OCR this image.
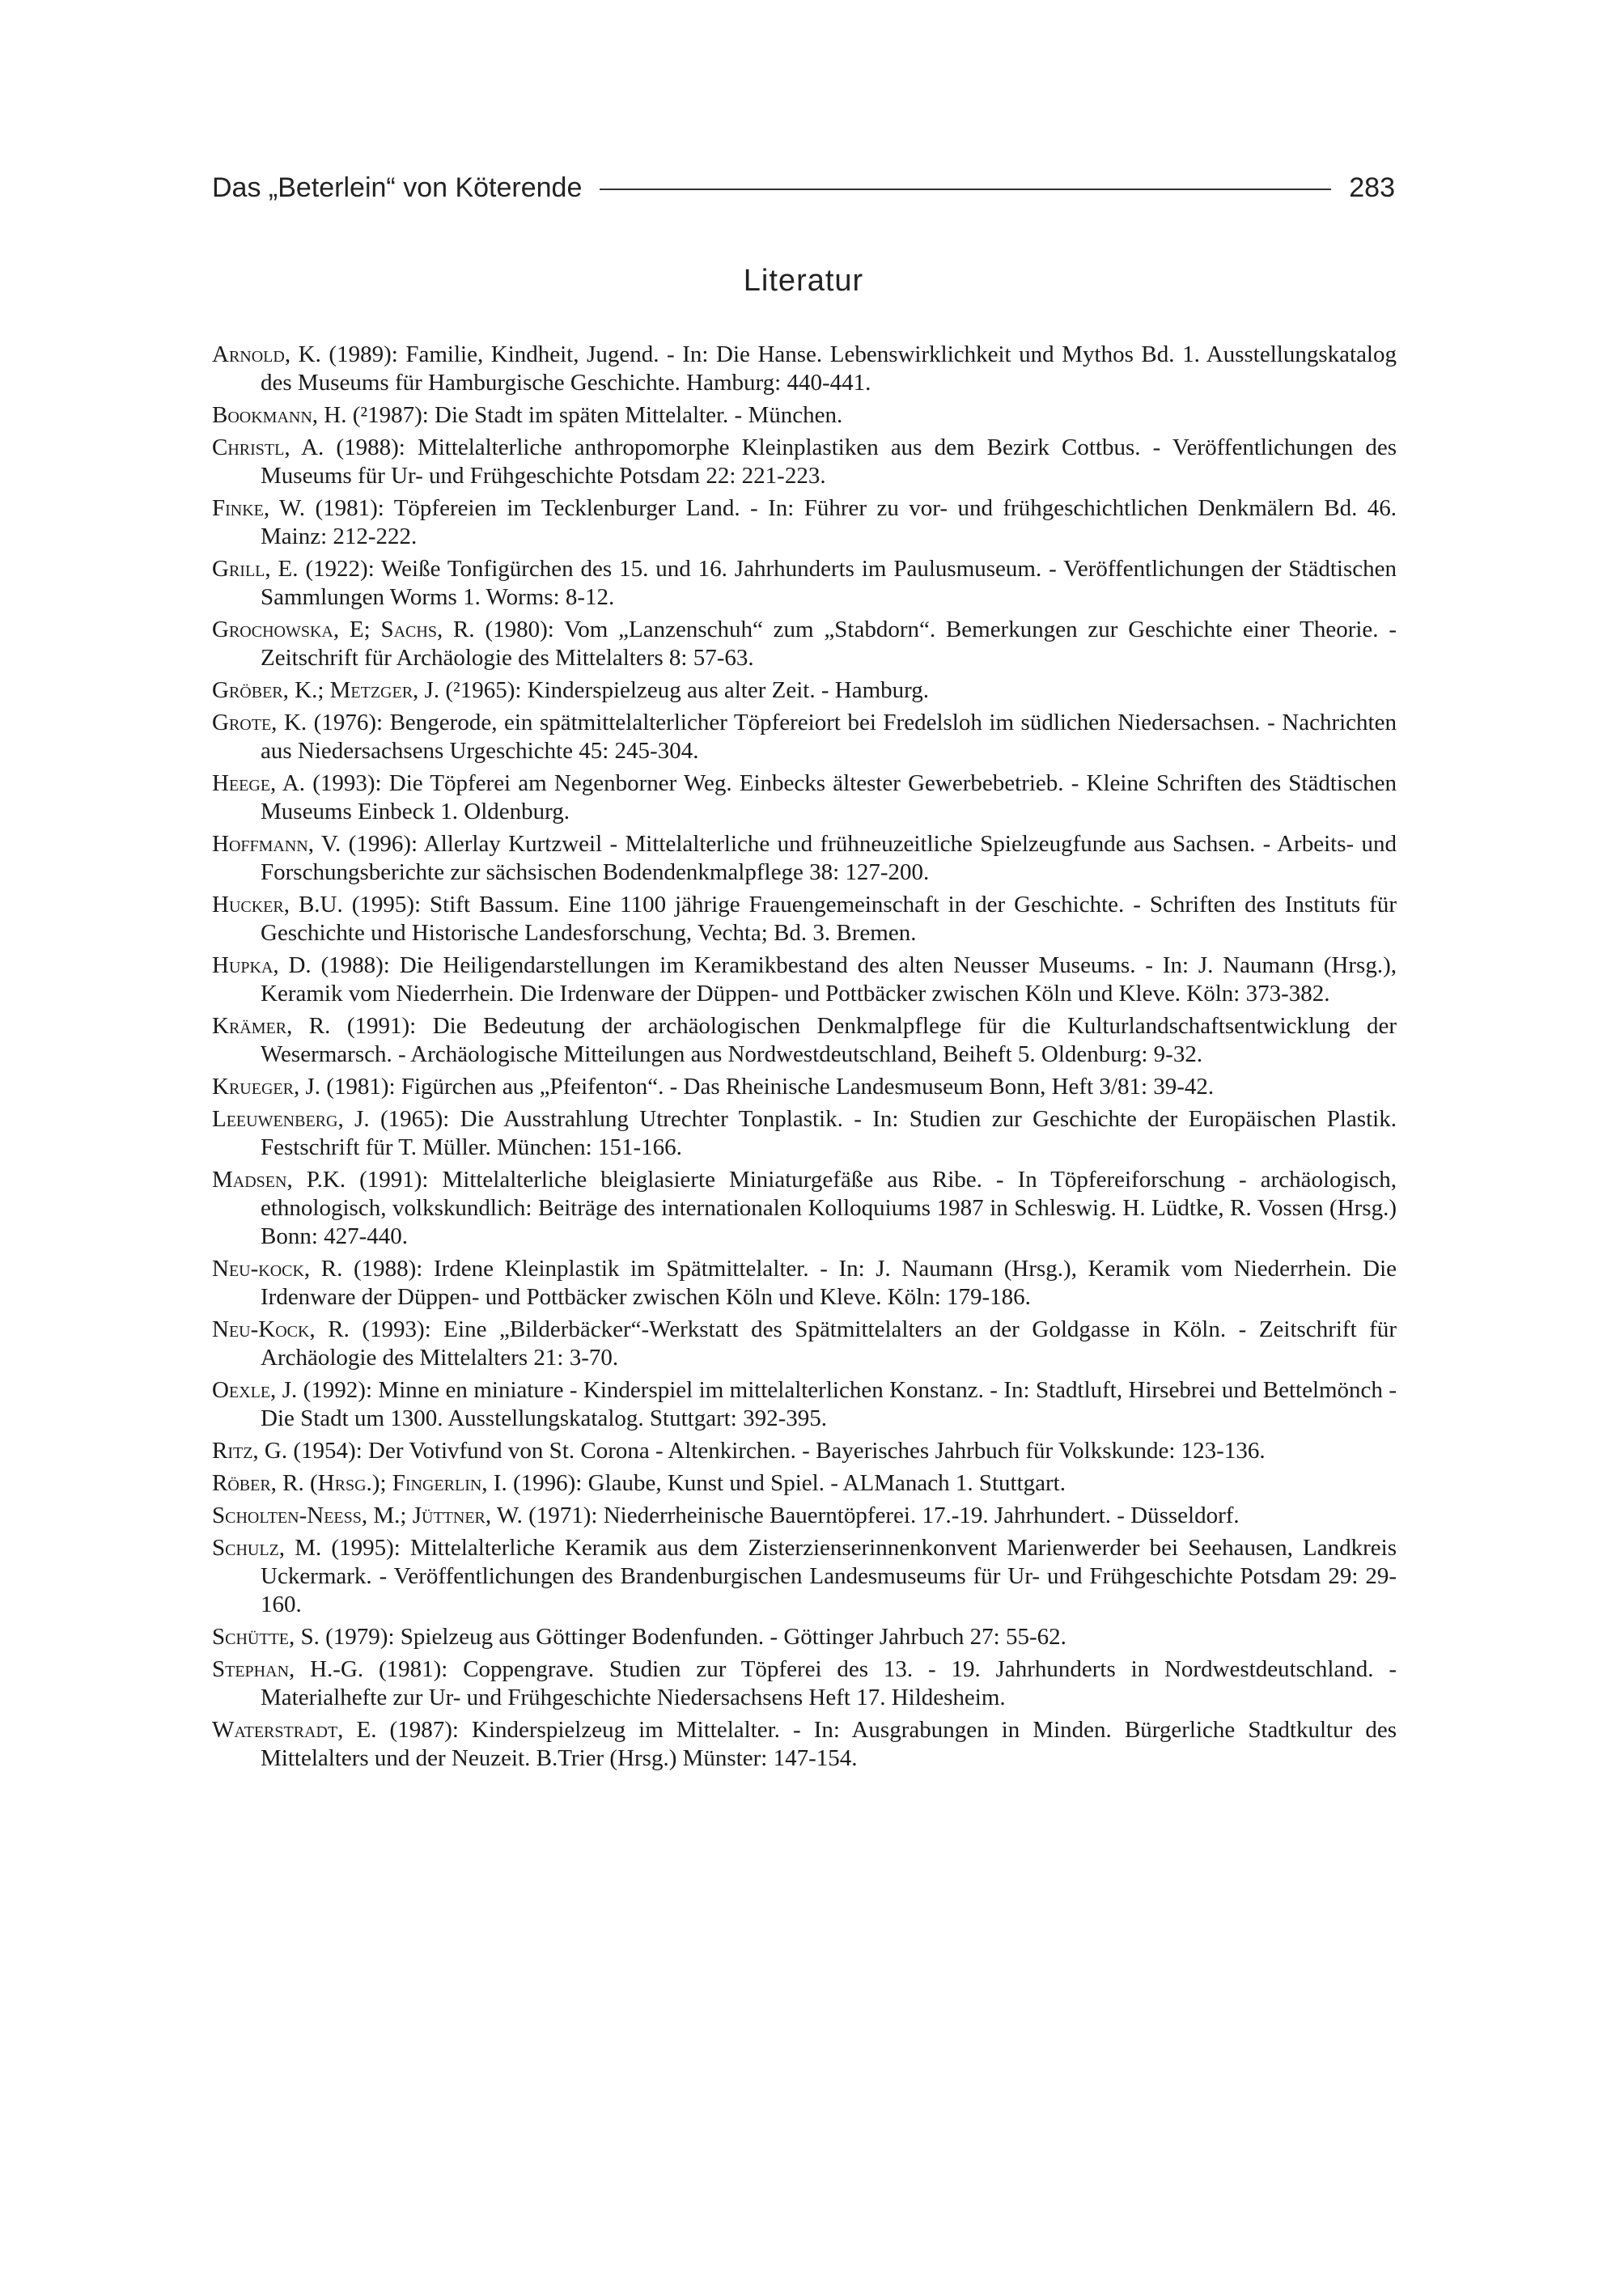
Das „Beterlein“ von Köterende	283
Literatur
Arnold, K. (1989): Familie, Kindheit, Jugend. - In: Die Hanse. Lebenswirklichkeit und Mythos Bd. 1. Ausstellungskatalog des Museums für Hamburgische Geschichte. Hamburg: 440-441.
Bookmann, H. (²1987): Die Stadt im späten Mittelalter. - München.
Christl, A. (1988): Mittelalterliche anthropomorphe Kleinplastiken aus dem Bezirk Cottbus. - Veröffentlichungen des Museums für Ur- und Frühgeschichte Potsdam 22: 221-223.
Finke, W. (1981): Töpfereien im Tecklenburger Land. - In: Führer zu vor- und frühgeschichtlichen Denkmälern Bd. 46. Mainz: 212-222.
Grill, E. (1922): Weiße Tonfigürchen des 15. und 16. Jahrhunderts im Paulusmuseum. - Veröffentlichungen der Städtischen Sammlungen Worms 1. Worms: 8-12.
Grochowska, E; Sachs, R. (1980): Vom „Lanzenschuh“ zum „Stabdorn“. Bemerkungen zur Geschichte einer Theorie. - Zeitschrift für Archäologie des Mittelalters 8: 57-63.
Gröber, K.; Metzger, J. (²1965): Kinderspielzeug aus alter Zeit. - Hamburg.
Grote, K. (1976): Bengerode, ein spätmittelalterlicher Töpfereiort bei Fredelsloh im südlichen Niedersachsen. - Nachrichten aus Niedersachsens Urgeschichte 45: 245-304.
Heege, A. (1993): Die Töpferei am Negenborner Weg. Einbecks ältester Gewerbebetrieb. - Kleine Schriften des Städtischen Museums Einbeck 1. Oldenburg.
Hoffmann, V. (1996): Allerlay Kurtzweil - Mittelalterliche und frühneuzeitliche Spielzeugfunde aus Sachsen. - Arbeits- und Forschungsberichte zur sächsischen Bodendenkmalpflege 38: 127-200.
Hucker, B.U. (1995): Stift Bassum. Eine 1100 jährige Frauengemeinschaft in der Geschichte. - Schriften des Instituts für Geschichte und Historische Landesforschung, Vechta; Bd. 3. Bremen.
Hupka, D. (1988): Die Heiligendarstellungen im Keramikbestand des alten Neusser Museums. - In: J. Naumann (Hrsg.), Keramik vom Niederrhein. Die Irdenware der Düppen- und Pottbäcker zwischen Köln und Kleve. Köln: 373-382.
Krämer, R. (1991): Die Bedeutung der archäologischen Denkmalpflege für die Kulturlandschaftsentwicklung der Wesermarsch. - Archäologische Mitteilungen aus Nordwestdeutschland, Beiheft 5. Oldenburg: 9-32.
Krueger, J. (1981): Figürchen aus „Pfeifenton“. - Das Rheinische Landesmuseum Bonn, Heft 3/81: 39-42.
Leeuwenberg, J. (1965): Die Ausstrahlung Utrechter Tonplastik. - In: Studien zur Geschichte der Europäischen Plastik. Festschrift für T. Müller. München: 151-166.
Madsen, P.K. (1991): Mittelalterliche bleiglasierte Miniaturgefäße aus Ribe. - In Töpfereiforschung - archäologisch, ethnologisch, volkskundlich: Beiträge des internationalen Kolloquiums 1987 in Schleswig. H. Lüdtke, R. Vossen (Hrsg.) Bonn: 427-440.
Neu-kock, R. (1988): Irdene Kleinplastik im Spätmittelalter. - In: J. Naumann (Hrsg.), Keramik vom Niederrhein. Die Irdenware der Düppen- und Pottbäcker zwischen Köln und Kleve. Köln: 179-186.
Neu-Kock, R. (1993): Eine „Bilderbäcker“-Werkstatt des Spätmittelalters an der Goldgasse in Köln. - Zeitschrift für Archäologie des Mittelalters 21: 3-70.
Oexle, J. (1992): Minne en miniature - Kinderspiel im mittelalterlichen Konstanz. - In: Stadtluft, Hirsebrei und Bettelmönch - Die Stadt um 1300. Ausstellungskatalog. Stuttgart: 392-395.
Ritz, G. (1954): Der Votivfund von St. Corona - Altenkirchen. - Bayerisches Jahrbuch für Volkskunde: 123-136.
Röber, R. (Hrsg.); Fingerlin, I. (1996): Glaube, Kunst und Spiel. - ALManach 1. Stuttgart.
Scholten-Neess, M.; Jüttner, W. (1971): Niederrheinische Bauerntöpferei. 17.-19. Jahrhundert. - Düsseldorf.
Schulz, M. (1995): Mittelalterliche Keramik aus dem Zisterzienserinnenkonvent Marienwerder bei Seehausen, Landkreis Uckermark. - Veröffentlichungen des Brandenburgischen Landesmuseums für Ur- und Frühgeschichte Potsdam 29: 29-160.
Schütte, S. (1979): Spielzeug aus Göttinger Bodenfunden. - Göttinger Jahrbuch 27: 55-62.
Stephan, H.-G. (1981): Coppengrave. Studien zur Töpferei des 13. - 19. Jahrhunderts in Nordwestdeutschland. - Materialhefte zur Ur- und Frühgeschichte Niedersachsens Heft 17. Hildesheim.
Waterstradt, E. (1987): Kinderspielzeug im Mittelalter. - In: Ausgrabungen in Minden. Bürgerliche Stadtkultur des Mittelalters und der Neuzeit. B.Trier (Hrsg.) Münster: 147-154.
